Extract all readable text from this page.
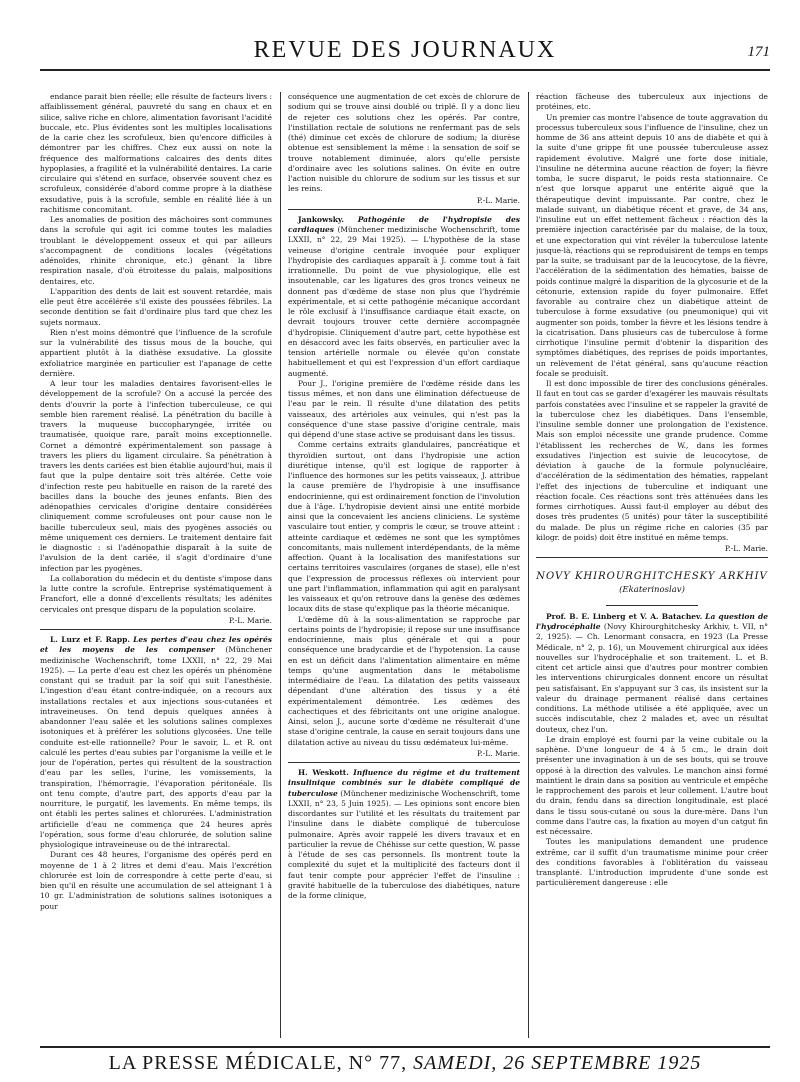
REVUE DES JOURNAUX	171

endance parait bien réelle; elle résulte de facteurs livers : affaiblissement général, pauvreté du sang en chaux et en silice, salive riche en chlore, alimentation favorisant l'acidité buccale, etc. Plus évidentes sont les multiples localisations de la carie chez les scrofuleux, bien qu'encore difficiles à démontrer par les chiffres. Chez eux aussi on note la fréquence des malformations calcaires des dents dites hypoplasies, a fragilité et la vulnérabilité dentaires. La carie circulaire qui s'étend en surface, observée souvent chez es scrofuleux, considérée d'abord comme propre à la diathèse exsudative, puis à la scrofule, semble en réalité liée à un rachitisme concomitant.

Les anomalies de position des mâchoires sont communes dans la scrofule qui agit ici comme toutes les maladies troublant le développement osseux et qui par ailleurs s'accompagnent de conditions locales (végétations adénoïdes, rhinite chronique, etc.) gênant la libre respiration nasale, d'où étroitesse du palais, malpositions dentaires, etc.

L'apparition des dents de lait est souvent retardée, mais elle peut être accélérée s'il existe des poussées fébriles. La seconde dentition se fait d'ordinaire plus tard que chez les sujets normaux.

Rien n'est moins démontré que l'influence de la scrofule sur la vulnérabilité des tissus mous de la bouche, qui appartient plutôt à la diathèse exsudative. La glossite exfoliatrice marginée en particulier est l'apanage de cette dernière.

A leur tour les maladies dentaires favorisent-elles le développement de la scrofule? On a accusé la percée des dents d'ouvrir la porte à l'infection tuberculeuse, ce qui semble bien rarement réalisé. La pénétration du bacille à travers la muqueuse buccopharyngée, irritée ou traumatisée, quoique rare, paraît moins exceptionnelle. Cornet a démontré expérimentalement son passage à travers les pliers du ligament circulaire. Sa pénétration à travers les dents cariées est bien établie aujourd'hui, mais il faut que la pulpe dentaire soit très altérée. Cette voie d'infection reste peu habituelle en raison de la rareté des bacilles dans la bouche des jeunes enfants. Bien des adénopathies cervicales d'origine dentaire considérées cliniquement comme scrofuleuses ont pour cause non le bacille tuberculeux seul, mais des pyogènes associés ou même uniquement ces derniers. Le traitement dentaire fait le diagnostic : si l'adénopathie disparaît à la suite de l'avulsion de la dent cariée, il s'agit d'ordinaire d'une infection par les pyogènes.

La collaboration du médecin et du dentiste s'impose dans la lutte contre la scrofule. Entreprise systématiquement à Francfort, elle a donné d'excellents résultats; les adénites cervicales ont presque disparu de la population scolaire.

P.-L. Marie.

L. Lurz et F. Rapp. Les pertes d'eau chez les opérés et les moyens de les compenser (Münchener medizinische Wochenschrift, tome LXXII, n° 22, 29 Mai 1925). — La perte d'eau est chez les opérés un phénomène constant qui se traduit par la soif qui suit l'anesthésie. L'ingestion d'eau étant contre-indiquée, on a recours aux installations rectales et aux injections sous-cutanées et intraveineuses. On tend depuis quelques années à abandonner l'eau salée et les solutions salines complexes isotoniques et à préférer les solutions glycosées. Une telle conduite est-elle rationnelle? Pour le savoir, L. et R. ont calculé les pertes d'eau subies par l'organisme la veille et le jour de l'opération, pertes qui résultent de la soustraction d'eau par les selles, l'urine, les vomissements, la transpiration, l'hémorragie, l'évaporation péritonéale. Ils ont tenu compte, d'autre part, des apports d'eau par la nourriture, le purgatif, les lavements. En même temps, ils ont établi les pertes salines et chlorurées. L'administration artificielle d'eau ne commença que 24 heures après l'opération, sous forme d'eau chlorurée, de solution saline physiologique intraveineuse ou de thé intrarectal.

Durant ces 48 heures, l'organisme des opérés perd en moyenne de 1 à 2 litres et demi d'eau. Mais l'excrétion chlorurée est loin de correspondre à cette perte d'eau, si bien qu'il en résulte une accumulation de sel atteignant 1 à 10 gr. L'administration de solutions salines isotoniques a pour

conséquence une augmentation de cet excès de chlorure de sodium qui se trouve ainsi doublé ou triplé. Il y a donc lieu de rejeter ces solutions chez les opérés. Par contre, l'instillation rectale de solutions ne renfermant pas de sels (thé) diminue cet excès de chlorure de sodium; la diurèse obtenue est sensiblement la même : la sensation de soif se trouve notablement diminuée, alors qu'elle persiste d'ordinaire avec les solutions salines. On évite en outre l'action nuisible du chlorure de sodium sur les tissus et sur les reins.

P.-L. Marie.

Jankowsky. Pathogénie de l'hydropisie des cardiaques (Münchener medizinische Wochenschrift, tome LXXII, n° 22, 29 Mai 1925). — L'hypothèse de la stase veineuse d'origine centrale invoquée pour expliquer l'hydropisie des cardiaques apparaît à J. comme tout à fait irrationnelle. Du point de vue physiologique, elle est insoutenable, car les ligatures des gros troncs veineux ne donnent pas d'œdème de stase non plus que l'hydrémie expérimentale, et si cette pathogénie mécanique accordant le rôle exclusif à l'insuffisance cardiaque était exacte, on devrait toujours trouver cette dernière accompagnée d'hydropisie. Cliniquement d'autre part, cette hypothèse est en désaccord avec les faits observés, en particulier avec la tension artérielle normale ou élevée qu'on constate habituellement et qui est l'expression d'un effort cardiaque augmenté.

Pour J., l'origine première de l'œdème réside dans les tissus mêmes, et non dans une élimination défectueuse de l'eau par le rein. Il résulte d'une dilatation des petits vaisseaux, des artérioles aux veinules, qui n'est pas la conséquence d'une stase passive d'origine centrale, mais qui dépend d'une stase active se produisant dans les tissus.

Comme certains extraits glandulaires, pancréatique et thyroïdien surtout, ont dans l'hydropisie une action diurétique intense, qu'il est logique de rapporter à l'influence des hormones sur les petits vaisseaux, J. attribue la cause première de l'hydropisie à une insuffisance endocrinienne, qui est ordinairement fonction de l'involution due à l'âge. L'hydropisie devient ainsi une entité morbide ainsi que la concevaient les anciens cliniciens. Le système vasculaire tout entier, y compris le cœur, se trouve atteint : atteinte cardiaque et œdèmes ne sont que les symptômes concomitants, mais nullement interdépendants, de la même affection. Quant à la localisation des manifestations sur certains territoires vasculaires (organes de stase), elle n'est que l'expression de processus réflexes où intervient pour une part l'inflammation, inflammation qui agit en paralysant les vaisseaux et qu'on retrouve dans la genèse des œdèmes locaux dits de stase qu'explique pas la théorie mécanique.

L'œdème dû à la sous-alimentation se rapproche par certains points de l'hydropisie; il repose sur une insuffisance endocrinienne, mais plus générale et qui a pour conséquence une bradycardie et de l'hypotension. La cause en est un déficit dans l'alimentation alimentaire en même temps qu'une augmentation dans le métabolisme intermédiaire de l'eau. La dilatation des petits vaisseaux dépendant d'une altération des tissus y a été expérimentalement démontrée. Les œdèmes des cachectiques et des fébricitants ont une origine analogue. Ainsi, selon J., aucune sorte d'œdème ne résulterait d'une stase d'origine centrale, la cause en serait toujours dans une dilatation active au niveau du tissu œdémateux lui-même.

P.-L. Marie.

H. Weskott. Influence du régime et du traitement insulinique combinés sur le diabète compliqué de tuberculose (Münchener medizinische Wochenschrift, tome LXXII, n° 23, 5 Juin 1925). — Les opinions sont encore bien discordantes sur l'utilité et les résultats du traitement par l'insuline dans le diabète compliqué de tuberculose pulmonaire. Après avoir rappelé les divers travaux et en particulier la revue de Chéhisse sur cette question, W. passe à l'étude de ses cas personnels. Ils montrent toute la complexité du sujet et la multiplicité des facteurs dont il faut tenir compte pour apprécier l'effet de l'insuline : gravité habituelle de la tuberculose des diabétiques, nature de la forme clinique,

réaction fâcheuse des tuberculeux aux injections de protéines, etc.

Un premier cas montre l'absence de toute aggravation du processus tuberculeux sous l'influence de l'insuline, chez un homme de 36 ans atteint depuis 10 ans de diabète et qui à la suite d'une grippe fit une poussée tuberculeuse assez rapidement évolutive. Malgré une forte dose initiale, l'insuline ne détermina aucune réaction de foyer; la fièvre tomba, le sucre disparut, le poids resta stationnaire. Ce n'est que lorsque apparut une entérite aiguë que la thérapeutique devint impuissante. Par contre, chez le malade suivant, un diabétique récent et grave, de 34 ans, l'insuline eut un effet nettement fâcheux : réaction dès la première injection caractérisée par du malaise, de la toux, et une expectoration qui vint révéler la tuberculose latente jusque-là, réactions qui se reproduisirent de temps en temps par la suite, se traduisant par de la leucocytose, de la fièvre, l'accélération de la sédimentation des hématies, baisse de poids continue malgré la disparition de la glycosurie et de la cétonurie, extension rapide du foyer pulmonaire. Effet favorable au contraire chez un diabétique atteint de tuberculose à forme exsudative (ou pneumonique) qui vit augmenter son poids, tomber la fièvre et les lésions tendre à la cicatrisation. Dans plusieurs cas de tuberculose à forme cirrhotique l'insuline permit d'obtenir la disparition des symptômes diabétiques, des reprises de poids importantes, un relèvement de l'état général, sans qu'aucune réaction focale se produisît.

Il est donc impossible de tirer des conclusions générales. Il faut en tout cas se garder d'exagérer les mauvais résultats parfois constatées avec l'insuline et se rappeler la gravité de la tuberculose chez les diabétiques. Dans l'ensemble, l'insuline semble donner une prolongation de l'existence. Mais son emploi nécessite une grande prudence. Comme l'établissent les recherches de W., dans les formes exsudatives l'injection est suivie de leucocytose, de déviation à gauche de la formule polynucléaire, d'accélération de la sédimentation des hématies, rappelant l'effet des injections de tuberculine et indiquant une réaction focale. Ces réactions sont très atténuées dans les formes cirrhotiques. Aussi faut-il employer au début des doses très prudentes (5 unités) pour tâter la susceptibilité du malade. De plus un régime riche en calories (35 par kilogr. de poids) doit être institué en même temps.

P.-L. Marie.
NOVY KHIROURGHITCHESKY ARKHIV
(Ekaterinoslav)

Prof. B. E. Linberg et V. A. Batachev. La question de l'hydrocéphalie (Novy Khirourghitchesky Arkhiv, t. VII, n° 2, 1925). — Ch. Lenormant consacra, en 1923 (La Presse Médicale, n° 2, p. 16), un Mouvement chirurgical aux idées nouvelles sur l'hydrocéphalie et son traitement. L. et B. citent cet article ainsi que d'autres pour montrer combien les interventions chirurgicales donnent encore un résultat peu satisfaisant. En s'appuyant sur 3 cas, ils insistent sur la valeur du drainage permanent réalisé dans certaines conditions. La méthode utilisée a été appliquée, avec un succès indiscutable, chez 2 malades et, avec un résultat douteux, chez l'un.

Le drain employé est fourni par la veine cubitale ou la saphène. D'une longueur de 4 à 5 cm., le drain doit présenter une invagination à un de ses bouts, qui se trouve opposé à la direction des valvules. Le manchon ainsi formé maintient le drain dans sa position au ventricule et empêche le rapprochement des parois et leur collement. L'autre bout du drain, fendu dans sa direction longitudinale, est placé dans le tissu sous-cutané ou sous la dure-mère. Dans l'un comme dans l'autre cas, la fixation au moyen d'un catgut fin est nécessaire.

Toutes les manipulations demandent une prudence extrême, car il suffit d'un traumatisme minime pour créer des conditions favorables à l'oblitération du vaisseau transplanté. L'introduction imprudente d'une sonde est particulièrement dangereuse : elle

LA PRESSE MÉDICALE, N° 77, SAMEDI, 26 SEPTEMBRE 1925
